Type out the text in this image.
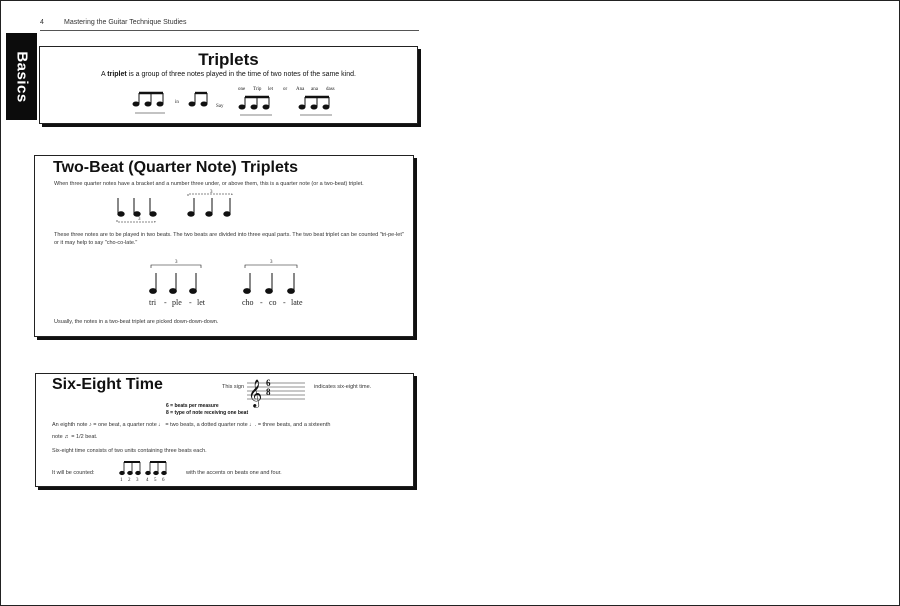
Basics
4	Mastering the Guitar Technique Studies
Triplets
A triplet is a group of three notes played in the time of two notes of the same kind.
in
Say
one Trip let or Ana ana dass
Two-Beat (Quarter Note) Triplets
When three quarter notes have a bracket and a number three under, or above them, this is a quarter note (or a two-beat) triplet.
3
3
These three notes are to be played in two beats. The two beats are divided into three equal parts. The two beat triplet can be counted "tri-pe-let" or it may help to say "cho-co-late."
3	3
tri - ple - let	cho - co - late
Usually, the notes in a two-beat triplet are picked down-down-down.
Six-Eight Time	This sign 𝄞 6
8	indicates six-eight time.
6 = beats per measure
8 = type of note receiving one beat
An eighth note ♪ = one beat, a quarter note ♩ = two beats, a dotted quarter note ♩. = three beats, and a sixteenth
note ♬ = 1/2 beat.
Six-eight time consists of two units containing three beats each.
It will be counted:
1 2 3 4 5 6
with the accents on beats one and four.
